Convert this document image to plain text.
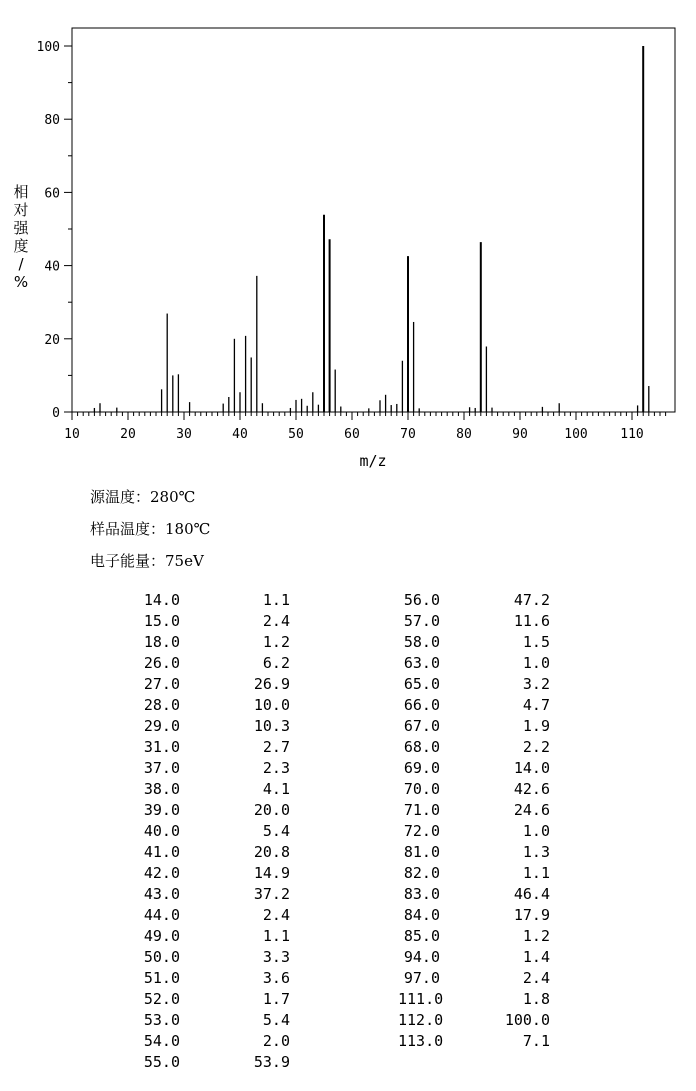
10	20	30	40	50	60	70	80	90	100	110
0
20
40
60
80
100
m/z
相
对
强
度
/
%
源温度：280℃
样品温度：180℃
电子能量：75eV
14.0	1.1
15.0	2.4
18.0	1.2
26.0	6.2
27.0	26.9
28.0	10.0
29.0	10.3
31.0	2.7
37.0	2.3
38.0	4.1
39.0	20.0
40.0	5.4
41.0	20.8
42.0	14.9
43.0	37.2
44.0	2.4
49.0	1.1
50.0	3.3
51.0	3.6
52.0	1.7
53.0	5.4
54.0	2.0
55.0	53.9
56.0	47.2
57.0	11.6
58.0	1.5
63.0	1.0
65.0	3.2
66.0	4.7
67.0	1.9
68.0	2.2
69.0	14.0
70.0	42.6
71.0	24.6
72.0	1.0
81.0	1.3
82.0	1.1
83.0	46.4
84.0	17.9
85.0	1.2
94.0	1.4
97.0	2.4
111.0	1.8
112.0	100.0
113.0	7.1
